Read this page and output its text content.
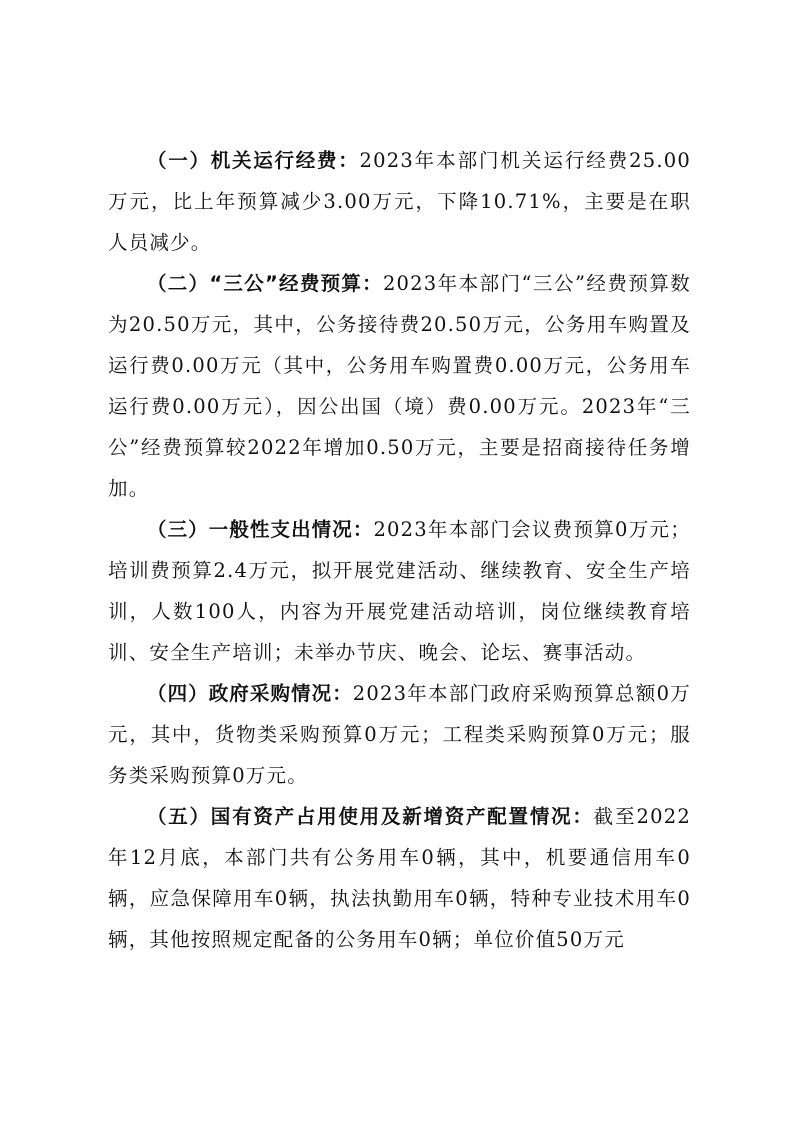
（一）机关运行经费：2023年本部门机关运行经费25.00万元，比上年预算减少3.00万元，下降10.71%，主要是在职人员减少。

（二）“三公”经费预算：2023年本部门“三公”经费预算数为20.50万元，其中，公务接待费20.50万元，公务用车购置及运行费0.00万元（其中，公务用车购置费0.00万元，公务用车运行费0.00万元），因公出国（境）费0.00万元。2023年“三公”经费预算较2022年增加0.50万元，主要是招商接待任务增加。

（三）一般性支出情况：2023年本部门会议费预算0万元；培训费预算2.4万元，拟开展党建活动、继续教育、安全生产培训，人数100人，内容为开展党建活动培训，岗位继续教育培训、安全生产培训；未举办节庆、晚会、论坛、赛事活动。

（四）政府采购情况：2023年本部门政府采购预算总额0万元，其中，货物类采购预算0万元；工程类采购预算0万元；服务类采购预算0万元。

（五）国有资产占用使用及新增资产配置情况：截至2022年12月底，本部门共有公务用车0辆，其中，机要通信用车0辆，应急保障用车0辆，执法执勤用车0辆，特种专业技术用车0辆，其他按照规定配备的公务用车0辆；单位价值50万元
